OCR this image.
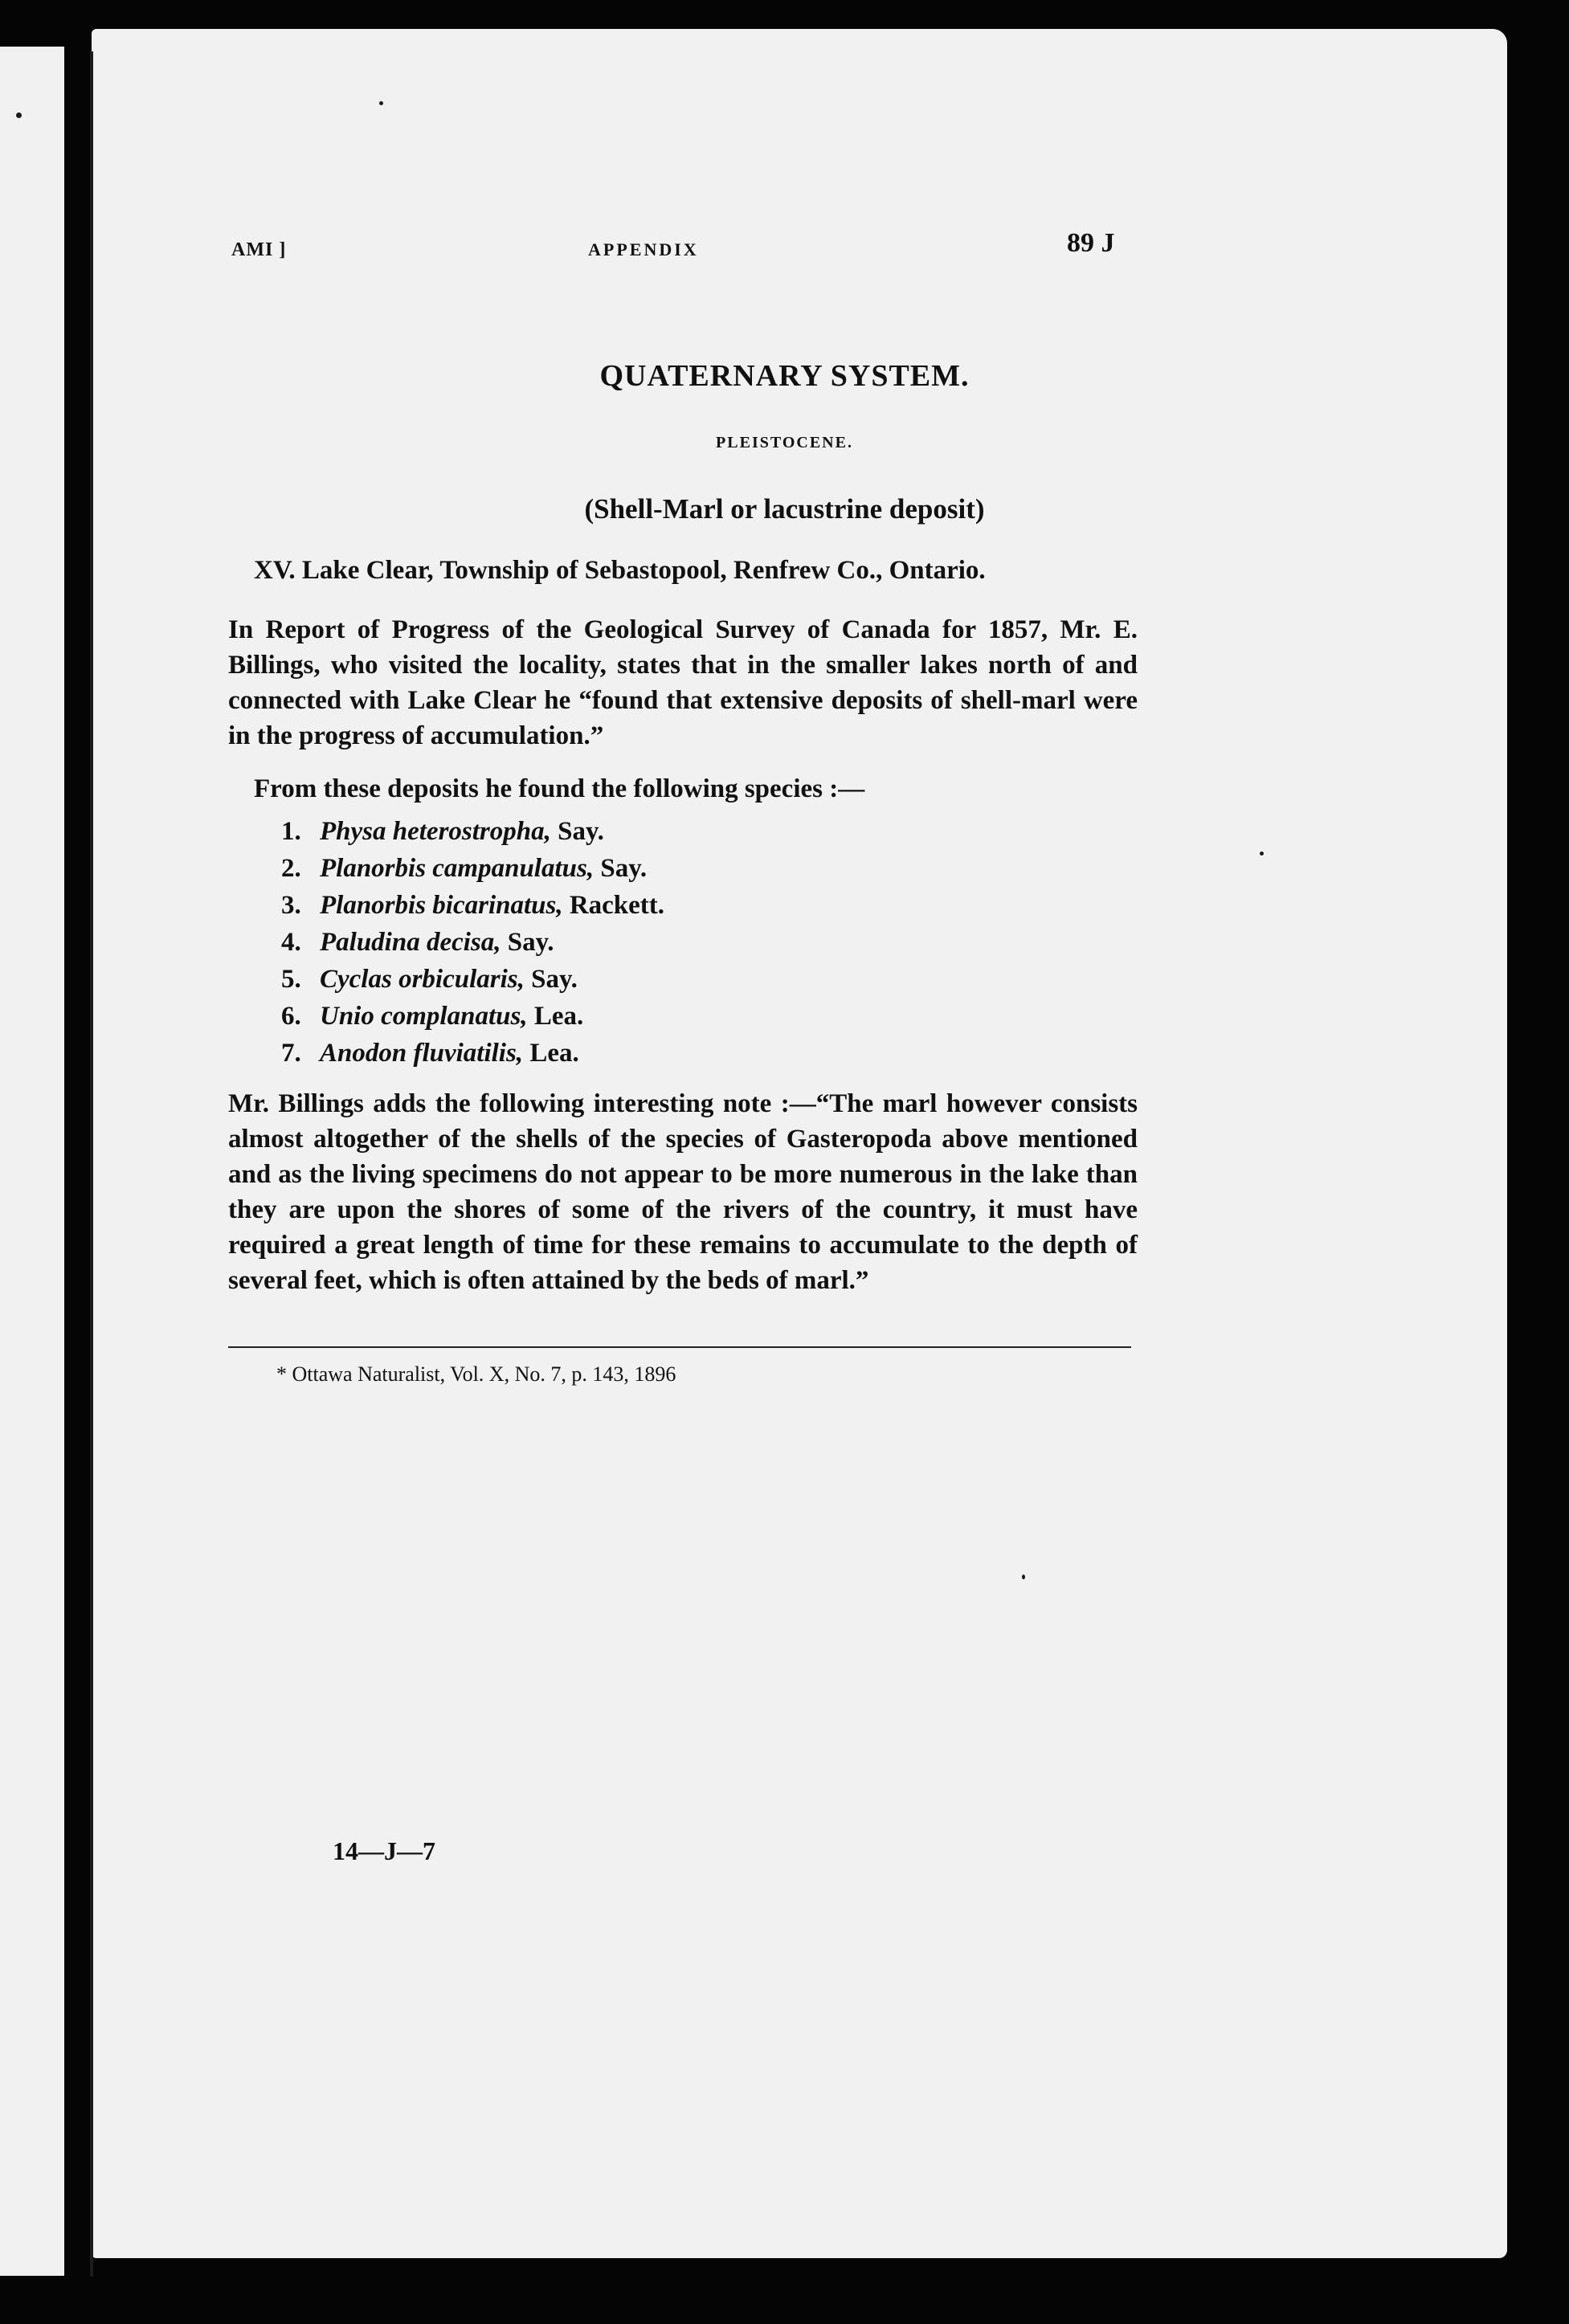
AMI ]	APPENDIX	89 J
QUATERNARY SYSTEM.
PLEISTOCENE.
(Shell-Marl or lacustrine deposit)
XV. Lake Clear, Township of Sebastopool, Renfrew Co., Ontario.
In Report of Progress of the Geological Survey of Canada for 1857, Mr. E. Billings, who visited the locality, states that in the smaller lakes north of and connected with Lake Clear he “found that extensive deposits of shell-marl were in the progress of accumulation.”
From these deposits he found the following species :—
1. Physa heterostropha, Say.
2. Planorbis campanulatus, Say.
3. Planorbis bicarinatus, Rackett.
4. Paludina decisa, Say.
5. Cyclas orbicularis, Say.
6. Unio complanatus, Lea.
7. Anodon fluviatilis, Lea.
Mr. Billings adds the following interesting note :—“The marl however consists almost altogether of the shells of the species of Gasteropoda above mentioned and as the living specimens do not appear to be more numerous in the lake than they are upon the shores of some of the rivers of the country, it must have required a great length of time for these remains to accumulate to the depth of several feet, which is often attained by the beds of marl.”
* Ottawa Naturalist, Vol. X, No. 7, p. 143, 1896
14—J—7
